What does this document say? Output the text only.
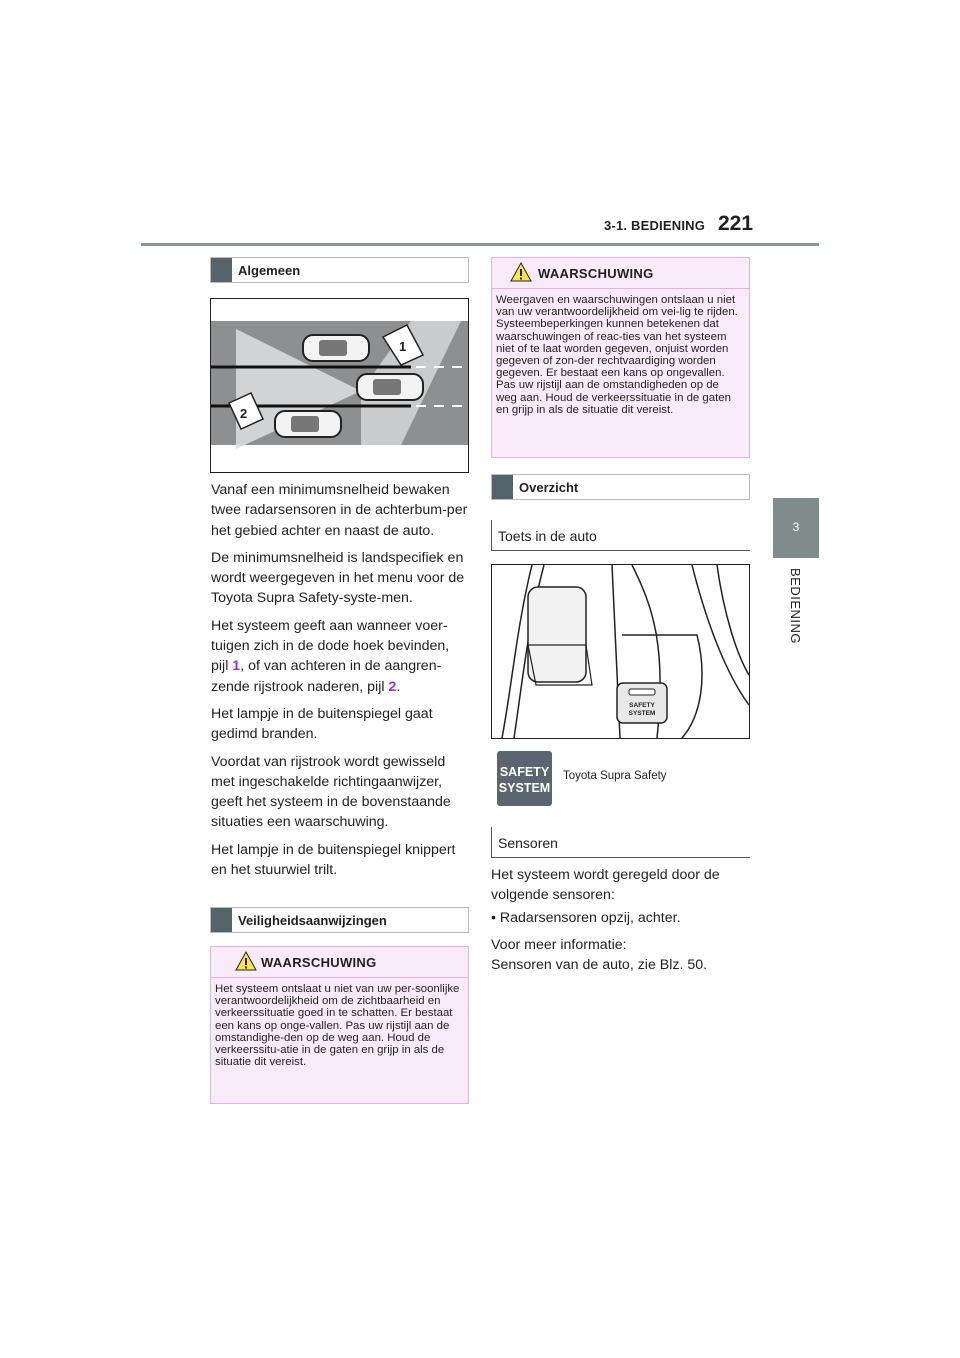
3-1. BEDIENING 221
3
BEDIENING
Algemeen
1
2

Vanaf een minimumsnelheid bewaken twee radarsensoren in de achterbum-per het gebied achter en naast de auto.

De minimumsnelheid is landspecifiek en wordt weergegeven in het menu voor de Toyota Supra Safety-syste-men.

Het systeem geeft aan wanneer voer-tuigen zich in de dode hoek bevinden, pijl 1, of van achteren in de aangren-zende rijstrook naderen, pijl 2.

Het lampje in de buitenspiegel gaat gedimd branden.

Voordat van rijstrook wordt gewisseld met ingeschakelde richtingaanwijzer, geeft het systeem in de bovenstaande situaties een waarschuwing.

Het lampje in de buitenspiegel knippert en het stuurwiel trilt.

Veiligheidsaanwijzingen
WAARSCHUWING
Het systeem ontslaat u niet van uw per-soonlijke verantwoordelijkheid om de zichtbaarheid en verkeerssituatie goed in te schatten. Er bestaat een kans op onge-vallen. Pas uw rijstijl aan de omstandighe-den op de weg aan. Houd de verkeerssitu-atie in de gaten en grijp in als de situatie dit vereist.
WAARSCHUWING
Weergaven en waarschuwingen ontslaan u niet van uw verantwoordelijkheid om vei-lig te rijden. Systeembeperkingen kunnen betekenen dat waarschuwingen of reac-ties van het systeem niet of te laat worden gegeven, onjuist worden gegeven of zon-der rechtvaardiging worden gegeven. Er bestaat een kans op ongevallen. Pas uw rijstijl aan de omstandigheden op de weg aan. Houd de verkeerssituatie in de gaten en grijp in als de situatie dit vereist.
Overzicht
Toets in de auto
SAFETY
SYSTEM
SAFETY
SYSTEM
Toyota Supra Safety
Sensoren

Het systeem wordt geregeld door de volgende sensoren:

• Radarsensoren opzij, achter.

Voor meer informatie:

Sensoren van de auto, zie Blz. 50.
